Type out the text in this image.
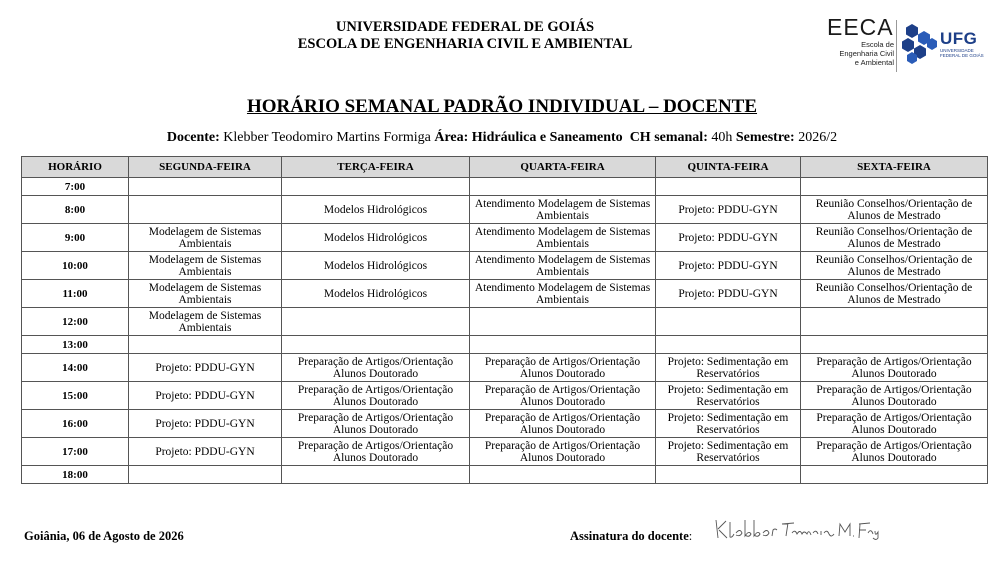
UNIVERSIDADE FEDERAL DE GOIÁS
ESCOLA DE ENGENHARIA CIVIL E AMBIENTAL
EECA
Escola de
Engenharia Civil
e Ambiental
UFG
UNIVERSIDADE
FEDERAL DE GOIÁS
HORÁRIO SEMANAL PADRÃO INDIVIDUAL – DOCENTE
Docente: Klebber Teodomiro Martins Formiga Área: Hidráulica e Saneamento CH semanal: 40h Semestre: 2026/2
HORÁRIO	SEGUNDA-FEIRA	TERÇA-FEIRA	QUARTA-FEIRA	QUINTA-FEIRA	SEXTA-FEIRA
7:00					
8:00		Modelos Hidrológicos	Atendimento Modelagem de Sistemas Ambientais	Projeto: PDDU-GYN	Reunião Conselhos/Orientação de Alunos de Mestrado
9:00	Modelagem de Sistemas Ambientais	Modelos Hidrológicos	Atendimento Modelagem de Sistemas Ambientais	Projeto: PDDU-GYN	Reunião Conselhos/Orientação de Alunos de Mestrado
10:00	Modelagem de Sistemas Ambientais	Modelos Hidrológicos	Atendimento Modelagem de Sistemas Ambientais	Projeto: PDDU-GYN	Reunião Conselhos/Orientação de Alunos de Mestrado
11:00	Modelagem de Sistemas Ambientais	Modelos Hidrológicos	Atendimento Modelagem de Sistemas Ambientais	Projeto: PDDU-GYN	Reunião Conselhos/Orientação de Alunos de Mestrado
12:00	Modelagem de Sistemas Ambientais				
13:00					
14:00	Projeto: PDDU-GYN	Preparação de Artigos/Orientação Alunos Doutorado	Preparação de Artigos/Orientação Alunos Doutorado	Projeto: Sedimentação em Reservatórios	Preparação de Artigos/Orientação Alunos Doutorado
15:00	Projeto: PDDU-GYN	Preparação de Artigos/Orientação Alunos Doutorado	Preparação de Artigos/Orientação Alunos Doutorado	Projeto: Sedimentação em Reservatórios	Preparação de Artigos/Orientação Alunos Doutorado
16:00	Projeto: PDDU-GYN	Preparação de Artigos/Orientação Alunos Doutorado	Preparação de Artigos/Orientação Alunos Doutorado	Projeto: Sedimentação em Reservatórios	Preparação de Artigos/Orientação Alunos Doutorado
17:00	Projeto: PDDU-GYN	Preparação de Artigos/Orientação Alunos Doutorado	Preparação de Artigos/Orientação Alunos Doutorado	Projeto: Sedimentação em Reservatórios	Preparação de Artigos/Orientação Alunos Doutorado
18:00					
Goiânia, 06 de Agosto de 2026	Assinatura do docente:
